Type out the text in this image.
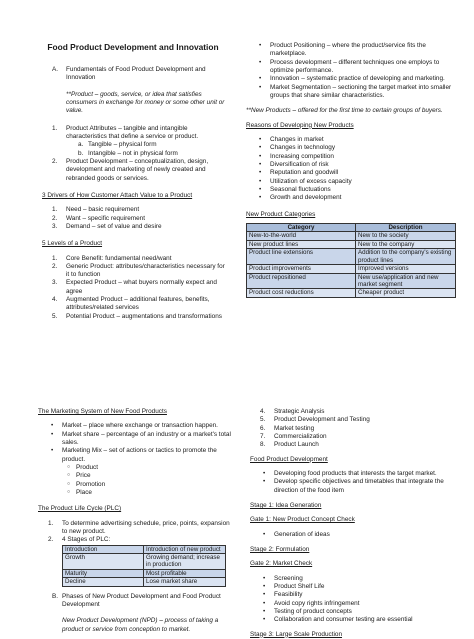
Food Product Development and Innovation
A.	Fundamentals of Food Product Development and Innovation
**Product – goods, service, or idea that satisfies consumers in exchange for money or some other unit or value.
1. Product Attributes – tangible and intangible characteristics that define a service or product.
a. Tangible – physical form
b. Intangible – not in physical form
2. Product Development – conceptualization, design, development and marketing of newly created and rebranded goods or services.
3 Drivers of How Customer Attach Value to a Product
1. Need – basic requirement
2. Want – specific requirement
3. Demand – set of value and desire
5 Levels of a Product
1. Core Benefit: fundamental need/want
2. Generic Product: attributes/characteristics necessary for it to function
3. Expected Product – what buyers normally expect and agree
4. Augmented Product – additional features, benefits, attributes/related services
5. Potential Product – augmentations and transformations
• Product Positioning – where the product/service fits the marketplace.
• Process development – different techniques one employs to optimize performance.
• Innovation – systematic practice of developing and marketing.
• Market Segmentation – sectioning the target market into smaller groups that share similar characteristics.
**New Products – offered for the first time to certain groups of buyers.
Reasons of Developing New Products
• Changes in market
• Changes in technology
• Increasing competition
• Diversification of risk
• Reputation and goodwill
• Utilization of excess capacity
• Seasonal fluctuations
• Growth and development
New Product Categories
Category	Description
New-to-the-world	New to the society
New product lines	New to the company
Product line extensions	Addition to the company's existing product lines
Product improvements	Improved versions
Product repositioned	New use/application and new market segment
Product cost reductions	Cheaper product
The Marketing System of New Food Products
• Market – place where exchange or transaction happen.
• Market share – percentage of an industry or a market's total sales.
• Marketing Mix – set of actions or tactics to promote the product.
○ Product
○ Price
○ Promotion
○ Place
The Product Life Cycle (PLC)
1. To determine advertising schedule, price, points, expansion to new product.
2. 4 Stages of PLC:
Introduction	Introduction of new product
Growth	Growing demand; increase in production
Maturity	Most profitable
Decline	Lose market share
B. Phases of New Product Development and Food Product Development
New Product Development (NPD) – process of taking a product or service from conception to market.
4. Strategic Analysis
5. Product Development and Testing
6. Market testing
7. Commercialization
8. Product Launch
Food Product Development
• Developing food products that interests the target market.
• Develop specific objectives and timetables that integrate the direction of the food item
Stage 1: Idea Generation
Gate 1: New Product Concept Check
• Generation of ideas
Stage 2: Formulation
Gate 2: Market Check
• Screening
• Product Shelf Life
• Feasibility
• Avoid copy rights infringement
• Testing of product concepts
• Collaboration and consumer testing are essential
Stage 3: Large Scale Production
